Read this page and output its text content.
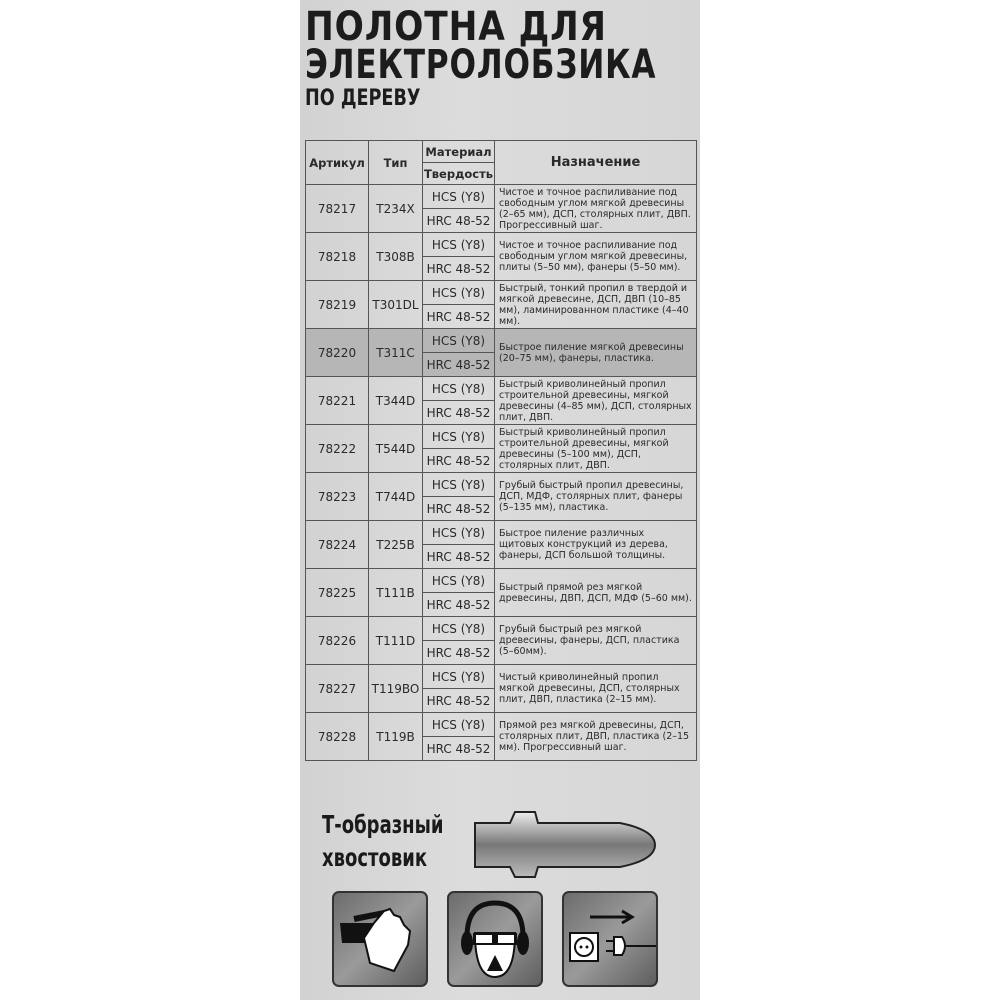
ПОЛОТНА ДЛЯ
ЭЛЕКТРОЛОБЗИКА
ПО ДЕРЕВУ
Артикул	Тип	Материал	Назначение
		Твердость	
78217	T234X	HCS (Y8)	Чистое и точное распиливание под свободным углом мягкой древесины (2–65 мм), ДСП, столярных плит, ДВП. Прогрессивный шаг.
		HRC 48-52	
78218	T308B	HCS (Y8)	Чистое и точное распиливание под свободным углом мягкой древесины, плиты (5–50 мм), фанеры (5–50 мм).
		HRC 48-52	
78219	T301DL	HCS (Y8)	Быстрый, тонкий пропил в твердой и мягкой древесине, ДСП, ДВП (10–85 мм), ламинированном пластике (4–40 мм).
		HRC 48-52	
78220	T311C	HCS (Y8)	Быстрое пиление мягкой древесины (20–75 мм), фанеры, пластика.
		HRC 48-52	
78221	T344D	HCS (Y8)	Быстрый криволинейный пропил строительной древесины, мягкой древесины (4–85 мм), ДСП, столярных плит, ДВП.
		HRC 48-52	
78222	T544D	HCS (Y8)	Быстрый криволинейный пропил строительной древесины, мягкой древесины (5–100 мм), ДСП, столярных плит, ДВП.
		HRC 48-52	
78223	T744D	HCS (Y8)	Грубый быстрый пропил древесины, ДСП, МДФ, столярных плит, фанеры (5–135 мм), пластика.
		HRC 48-52	
78224	T225B	HCS (Y8)	Быстрое пиление различных щитовых конструкций из дерева, фанеры, ДСП большой толщины.
		HRC 48-52	
78225	T111B	HCS (Y8)	Быстрый прямой рез мягкой древесины, ДВП, ДСП, МДФ (5–60 мм).
		HRC 48-52	
78226	T111D	HCS (Y8)	Грубый быстрый рез мягкой древесины, фанеры, ДСП, пластика (5–60мм).
		HRC 48-52	
78227	T119BO	HCS (Y8)	Чистый криволинейный пропил мягкой древесины, ДСП, столярных плит, ДВП, пластика (2–15 мм).
		HRC 48-52	
78228	T119B	HCS (Y8)	Прямой рез мягкой древесины, ДСП, столярных плит, ДВП, пластика (2–15 мм). Прогрессивный шаг.
		HRC 48-52	
Т-образный
хвостовик
